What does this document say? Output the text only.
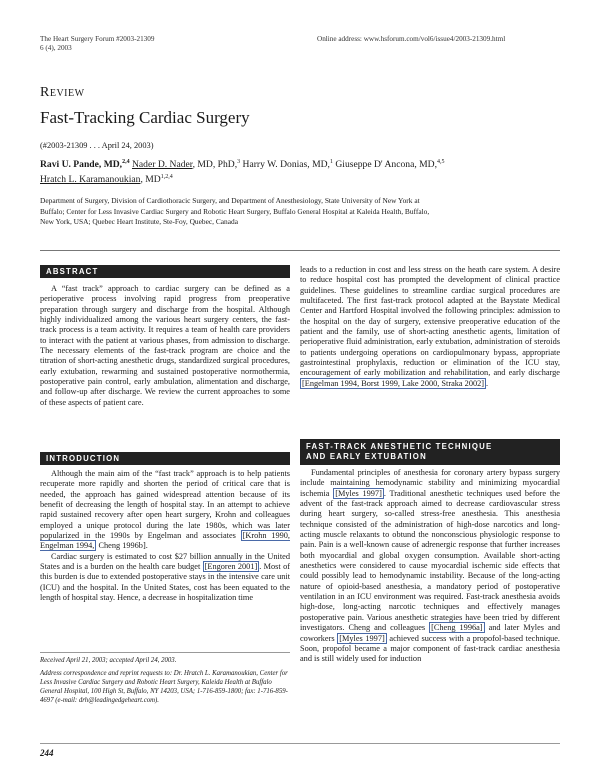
The Heart Surgery Forum #2003-21309
6 (4), 2003
Online address: www.hsforum.com/vol6/issue4/2003-21309.html
Review
Fast-Tracking Cardiac Surgery
(#2003-21309 . . . April 24, 2003)
Ravi U. Pande, MD,$^{2,4}$ Nader D. Nader, MD, PhD,$^3$ Harry W. Donias, MD,$^1$ Giuseppe D' Ancona, MD,$^{4,5}$
Hratch L. Karamanoukian, MD$^{1,2,4}$
Department of Surgery, Division of Cardiothoracic Surgery, and Department of Anesthesiology, State University of New York at
Buffalo; Center for Less Invasive Cardiac Surgery and Robotic Heart Surgery, Buffalo General Hospital at Kaleida Health, Buffalo,
New York, USA; Quebec Heart Institute, Ste-Foy, Quebec, Canada
ABSTRACT

A “fast track” approach to cardiac surgery can be defined as a perioperative process involving rapid progress from preoperative preparation through surgery and discharge from the hospital. Although highly individualized among the various heart surgery centers, the fast-track process is a team activity. It requires a team of health care providers to interact with the patient at various phases, from admission to discharge. The necessary elements of the fast-track program are choice and the titration of short-acting anesthetic drugs, standardized surgical procedures, early extubation, rewarming and sustained postoperative normothermia, postoperative pain control, early ambulation, alimentation and discharge, and follow-up after discharge. We review the current approaches to some of these aspects of patient care.

INTRODUCTION

Although the main aim of the “fast track” approach is to help patients recuperate more rapidly and shorten the period of critical care that is needed, the approach has gained widespread attention because of its benefit of decreasing the length of hospital stay. In an attempt to achieve rapid sustained recovery after open heart surgery, Krohn and colleagues employed a unique protocol during the late 1980s, which was later popularized in the 1990s by Engelman and associates [Krohn 1990, Engelman 1994, Cheng 1996b].

Cardiac surgery is estimated to cost $27 billion annually in the United States and is a burden on the health care budget [Engoren 2001] . Most of this burden is due to extended postoperative stays in the intensive care unit (ICU) and the hospital. In the United States, cost has been equated to the length of hospital stay. Hence, a decrease in hospitalization time

Received April 21, 2003; accepted April 24, 2003.
Address correspondence and reprint requests to: Dr. Hratch L. Karamanoukian, Center for Less Invasive Cardiac Surgery and Robotic Heart Surgery, Kaleida Health at Buffalo General Hospital, 100 High St, Buffalo, NY 14203, USA; 1-716-859-1800; fax: 1-716-859-4697 (e-mail: drh@leadingedgeheart.com).
244

leads to a reduction in cost and less stress on the heath care system. A desire to reduce hospital cost has prompted the development of clinical practice guidelines. These guidelines to streamline cardiac surgical procedures are multifaceted. The first fast-track protocol adapted at the Baystate Medical Center and Hartford Hospital involved the following principles: admission to the hospital on the day of surgery, extensive preoperative education of the patient and the family, use of short-acting anesthetic agents, limitation of perioperative fluid administration, early extubation, administration of steroids to patients undergoing operations on cardiopulmonary bypass, appropriate gastrointestinal prophylaxis, reduction or elimination of the ICU stay, encouragement of early mobilization and rehabilitation, and early discharge [Engelman 1994, Borst 1999, Lake 2000, Straka 2002] .

FAST-TRACK ANESTHETIC TECHNIQUE
AND EARLY EXTUBATION

Fundamental principles of anesthesia for coronary artery bypass surgery include maintaining hemodynamic stability and minimizing myocardial ischemia [Myles 1997] . Traditional anesthetic techniques used before the advent of the fast-track approach aimed to decrease cardiovascular stress during heart surgery, so-called stress-free anesthesia. This anesthesia technique consisted of the administration of high-dose narcotics and long-acting muscle relaxants to obtund the nonconscious physiologic response to pain. Pain is a well-known cause of adrenergic response that further increases both myocardial and global oxygen consumption. Available short-acting anesthetics were considered to cause myocardial ischemic side effects that could possibly lead to hemodynamic instability. Because of the long-acting nature of opioid-based anesthesia, a mandatory period of postoperative ventilation in an ICU environment was required. Fast-track anesthesia avoids high-dose, long-acting narcotic techniques and effectively manages postoperative pain. Various anesthetic strategies have been tried by different investigators. Cheng and colleagues [Cheng 1996a] and later Myles and coworkers [Myles 1997] achieved success with a propofol-based technique. Soon, propofol became a major component of fast-track cardiac anesthesia and is still widely used for induction
